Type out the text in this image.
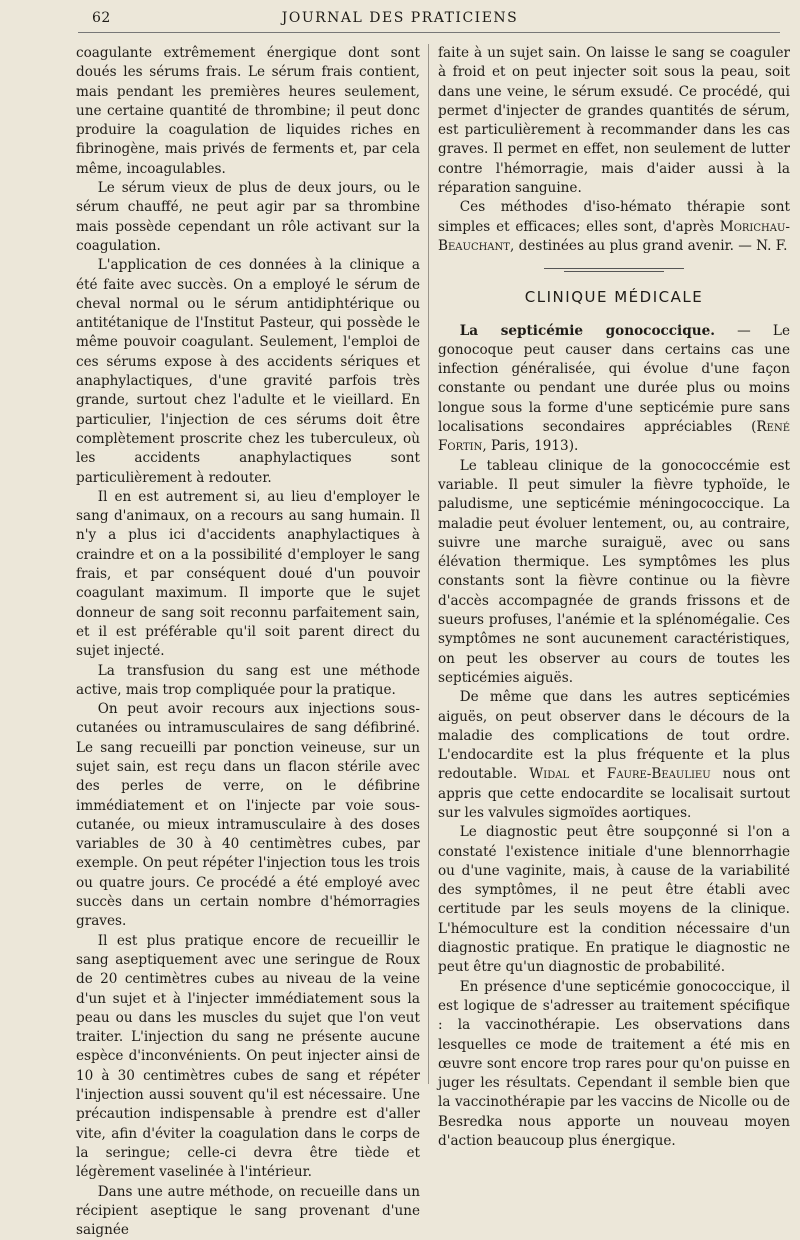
62	JOURNAL DES PRATICIENS

coagulante extrêmement énergique dont sont doués les sérums frais. Le sérum frais contient, mais pendant les premières heures seulement, une certaine quantité de thrombine; il peut donc produire la coagulation de liquides riches en fibrinogène, mais privés de ferments et, par cela même, incoagulables.

Le sérum vieux de plus de deux jours, ou le sérum chauffé, ne peut agir par sa thrombine mais possède cependant un rôle activant sur la coagulation.

L'application de ces données à la clinique a été faite avec succès. On a employé le sérum de cheval normal ou le sérum antidiphtérique ou antitétanique de l'Institut Pasteur, qui possède le même pouvoir coagulant. Seulement, l'emploi de ces sérums expose à des accidents sériques et anaphylactiques, d'une gravité parfois très grande, surtout chez l'adulte et le vieillard. En particulier, l'injection de ces sérums doit être complètement proscrite chez les tuberculeux, où les accidents anaphylactiques sont particulièrement à redouter.

Il en est autrement si, au lieu d'employer le sang d'animaux, on a recours au sang humain. Il n'y a plus ici d'accidents anaphylactiques à craindre et on a la possibilité d'employer le sang frais, et par conséquent doué d'un pouvoir coagulant maximum. Il importe que le sujet donneur de sang soit reconnu parfaitement sain, et il est préférable qu'il soit parent direct du sujet injecté.

La transfusion du sang est une méthode active, mais trop compliquée pour la pratique.

On peut avoir recours aux injections sous-cutanées ou intramusculaires de sang défibriné. Le sang recueilli par ponction veineuse, sur un sujet sain, est reçu dans un flacon stérile avec des perles de verre, on le défibrine immédiatement et on l'injecte par voie sous-cutanée, ou mieux intramusculaire à des doses variables de 30 à 40 centimètres cubes, par exemple. On peut répéter l'injection tous les trois ou quatre jours. Ce procédé a été employé avec succès dans un certain nombre d'hémorragies graves.

Il est plus pratique encore de recueillir le sang aseptiquement avec une seringue de Roux de 20 centimètres cubes au niveau de la veine d'un sujet et à l'injecter immédiatement sous la peau ou dans les muscles du sujet que l'on veut traiter. L'injection du sang ne présente aucune espèce d'inconvénients. On peut injecter ainsi de 10 à 30 centimètres cubes de sang et répéter l'injection aussi souvent qu'il est nécessaire. Une précaution indispensable à prendre est d'aller vite, afin d'éviter la coagulation dans le corps de la seringue; celle-ci devra être tiède et légèrement vaselinée à l'intérieur.

Dans une autre méthode, on recueille dans un récipient aseptique le sang provenant d'une saignée

faite à un sujet sain. On laisse le sang se coaguler à froid et on peut injecter soit sous la peau, soit dans une veine, le sérum exsudé. Ce procédé, qui permet d'injecter de grandes quantités de sérum, est particulièrement à recommander dans les cas graves. Il permet en effet, non seulement de lutter contre l'hémorragie, mais d'aider aussi à la réparation sanguine.

Ces méthodes d'iso-hémato thérapie sont simples et efficaces; elles sont, d'après Morichau-Beauchant, destinées au plus grand avenir. — N. F.

CLINIQUE MÉDICALE

La septicémie gonococcique. — Le gonocoque peut causer dans certains cas une infection généralisée, qui évolue d'une façon constante ou pendant une durée plus ou moins longue sous la forme d'une septicémie pure sans localisations secondaires appréciables (René Fortin, Paris, 1913).

Le tableau clinique de la gonococcémie est variable. Il peut simuler la fièvre typhoïde, le paludisme, une septicémie méningococcique. La maladie peut évoluer lentement, ou, au contraire, suivre une marche suraiguë, avec ou sans élévation thermique. Les symptômes les plus constants sont la fièvre continue ou la fièvre d'accès accompagnée de grands frissons et de sueurs profuses, l'anémie et la splénomégalie. Ces symptômes ne sont aucunement caractéristiques, on peut les observer au cours de toutes les septicémies aiguës.

De même que dans les autres septicémies aiguës, on peut observer dans le décours de la maladie des complications de tout ordre. L'endocardite est la plus fréquente et la plus redoutable. Widal et Faure-Beaulieu nous ont appris que cette endocardite se localisait surtout sur les valvules sigmoïdes aortiques.

Le diagnostic peut être soupçonné si l'on a constaté l'existence initiale d'une blennorrhagie ou d'une vaginite, mais, à cause de la variabilité des symptômes, il ne peut être établi avec certitude par les seuls moyens de la clinique. L'hémoculture est la condition nécessaire d'un diagnostic pratique. En pratique le diagnostic ne peut être qu'un diagnostic de probabilité.

En présence d'une septicémie gonococcique, il est logique de s'adresser au traitement spécifique : la vaccinothérapie. Les observations dans lesquelles ce mode de traitement a été mis en œuvre sont encore trop rares pour qu'on puisse en juger les résultats. Cependant il semble bien que la vaccinothérapie par les vaccins de Nicolle ou de Besredka nous apporte un nouveau moyen d'action beaucoup plus énergique.
